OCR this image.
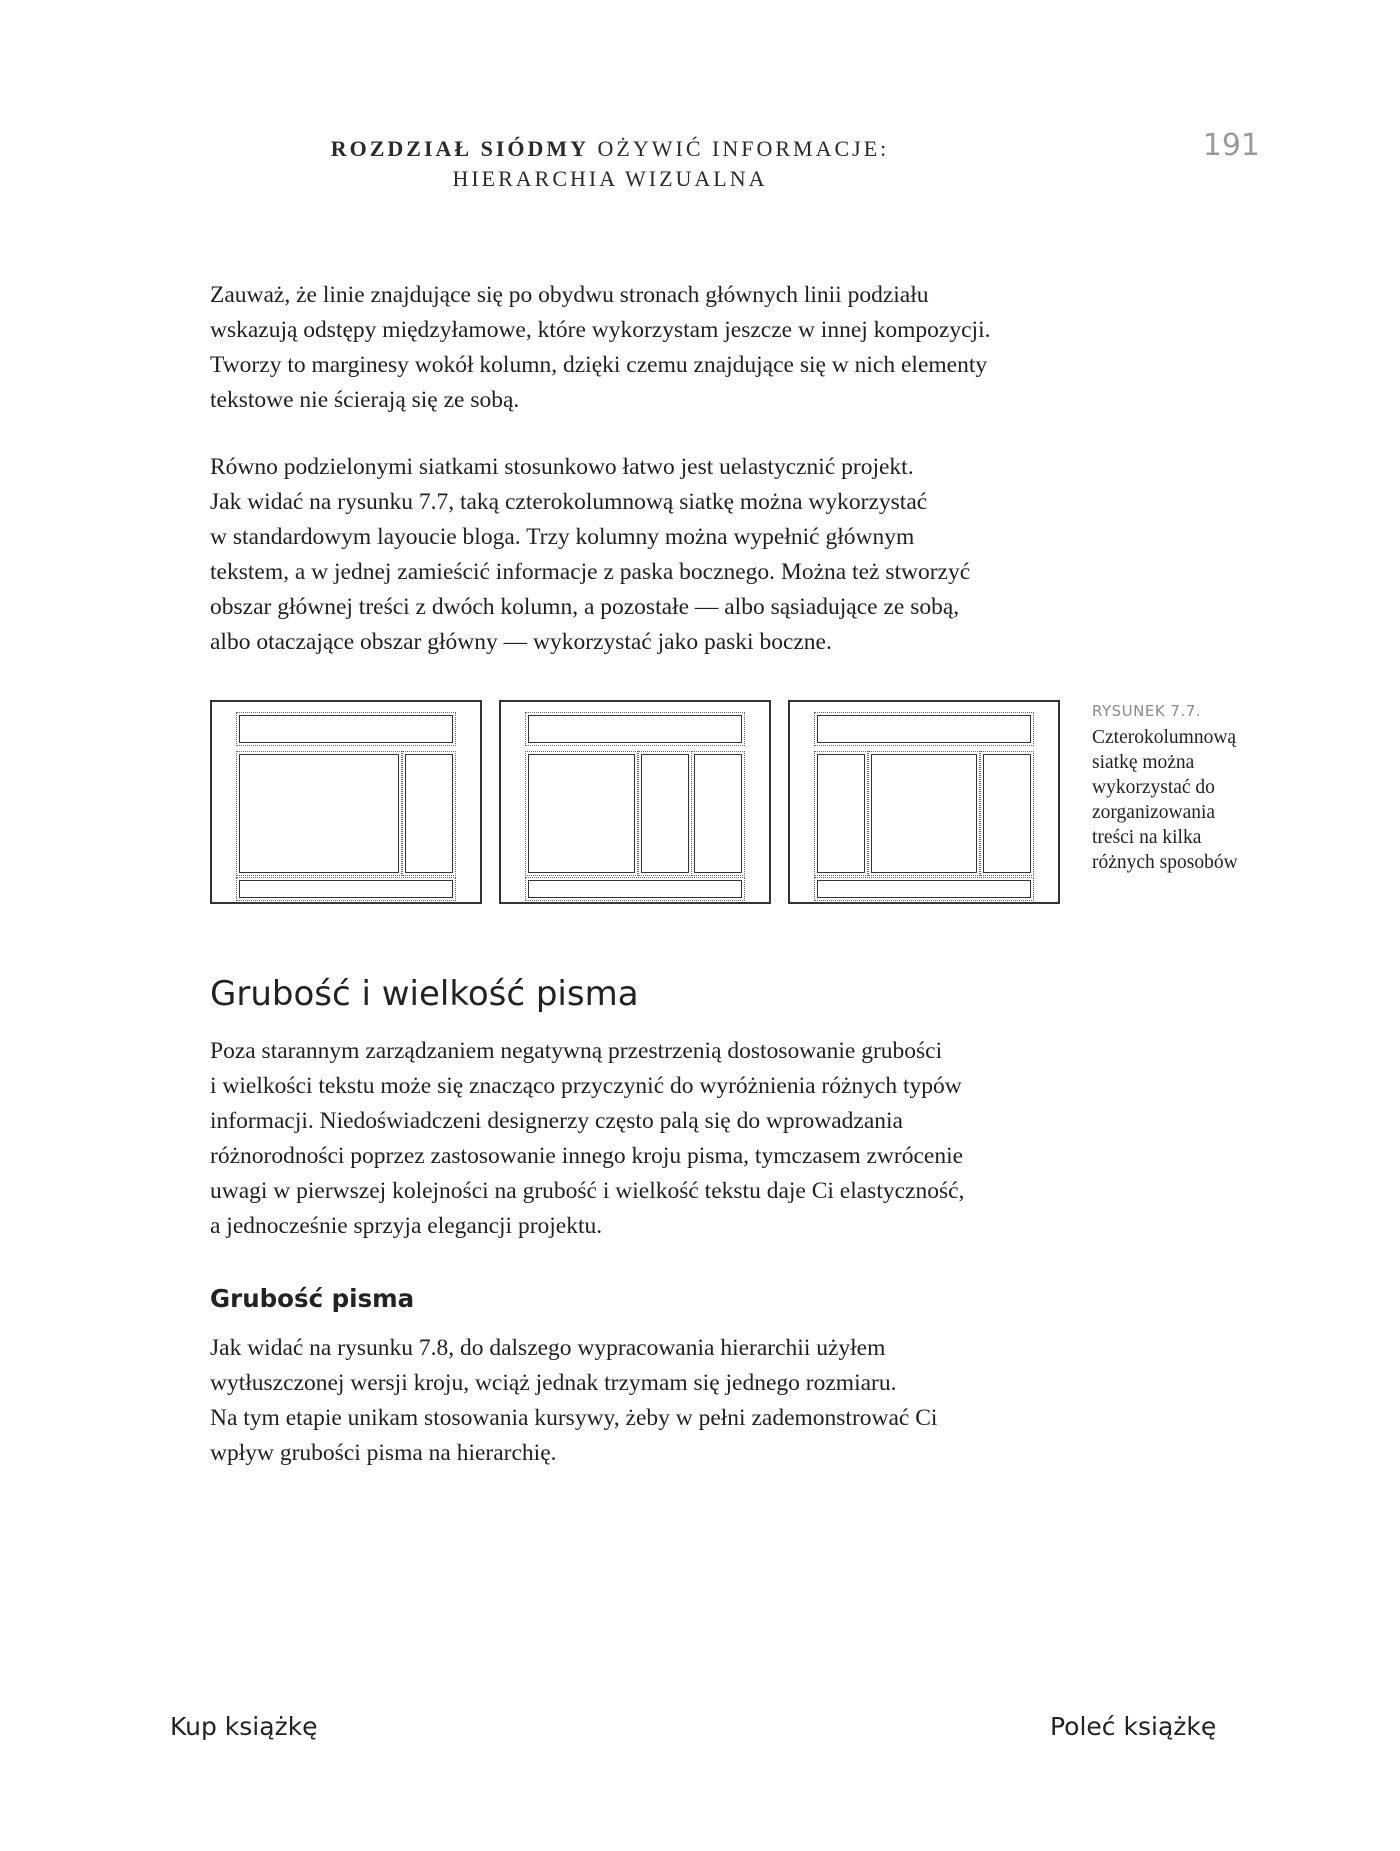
ROZDZIAŁ SIÓDMY OŻYWIĆ INFORMACJE:
HIERARCHIA WIZUALNA
191

Zauważ, że linie znajdujące się po obydwu stronach głównych linii podziału
wskazują odstępy międzyłamowe, które wykorzystam jeszcze w innej kompozycji.
Tworzy to marginesy wokół kolumn, dzięki czemu znajdujące się w nich elementy
tekstowe nie ścierają się ze sobą.

Równo podzielonymi siatkami stosunkowo łatwo jest uelastycznić projekt.
Jak widać na rysunku 7.7, taką czterokolumnową siatkę można wykorzystać
w standardowym layoucie bloga. Trzy kolumny można wypełnić głównym
tekstem, a w jednej zamieścić informacje z paska bocznego. Można też stworzyć
obszar głównej treści z dwóch kolumn, a pozostałe — albo sąsiadujące ze sobą,
albo otaczające obszar główny — wykorzystać jako paski boczne.

RYSUNEK 7.7.
Czterokolumnową
siatkę można
wykorzystać do
zorganizowania
treści na kilka
różnych sposobów
Grubość i wielkość pisma

Poza starannym zarządzaniem negatywną przestrzenią dostosowanie grubości
i wielkości tekstu może się znacząco przyczynić do wyróżnienia różnych typów
informacji. Niedoświadczeni designerzy często palą się do wprowadzania
różnorodności poprzez zastosowanie innego kroju pisma, tymczasem zwrócenie
uwagi w pierwszej kolejności na grubość i wielkość tekstu daje Ci elastyczność,
a jednocześnie sprzyja elegancji projektu.

Grubość pisma

Jak widać na rysunku 7.8, do dalszego wypracowania hierarchii użyłem
wytłuszczonej wersji kroju, wciąż jednak trzymam się jednego rozmiaru.
Na tym etapie unikam stosowania kursywy, żeby w pełni zademonstrować Ci
wpływ grubości pisma na hierarchię.

Kup książkę	Poleć książkę
